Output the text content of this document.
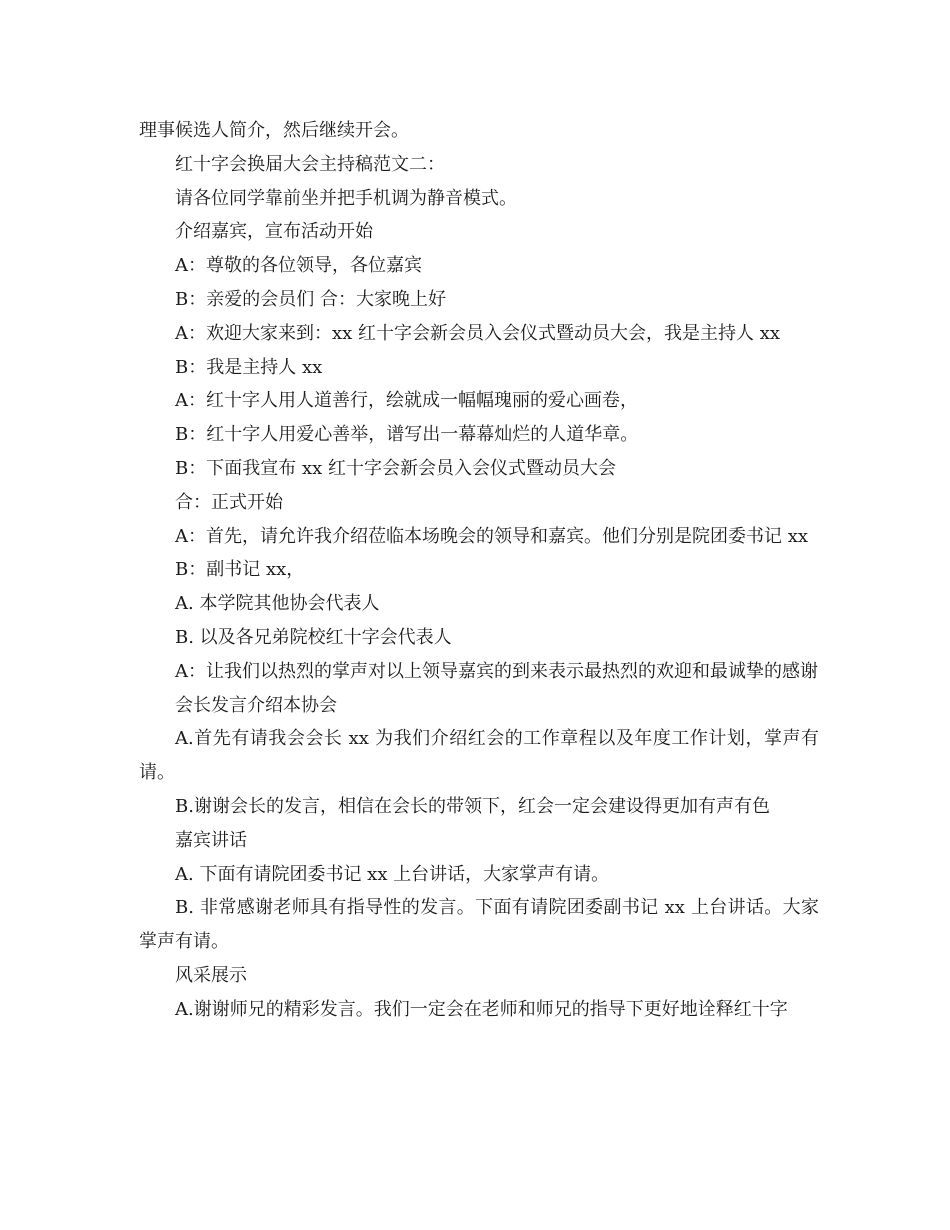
理事候选人简介，然后继续开会。

红十字会换届大会主持稿范文二：

请各位同学靠前坐并把手机调为静音模式。

介绍嘉宾，宣布活动开始

A：尊敬的各位领导，各位嘉宾

B：亲爱的会员们 合：大家晚上好

A：欢迎大家来到：xx 红十字会新会员入会仪式暨动员大会，我是主持人 xx

B：我是主持人 xx

A：红十字人用人道善行，绘就成一幅幅瑰丽的爱心画卷，

B：红十字人用爱心善举，谱写出一幕幕灿烂的人道华章。

B：下面我宣布 xx 红十字会新会员入会仪式暨动员大会

合：正式开始

A：首先，请允许我介绍莅临本场晚会的领导和嘉宾。他们分别是院团委书记 xx

B：副书记 xx，

A. 本学院其他协会代表人

B. 以及各兄弟院校红十字会代表人

A：让我们以热烈的掌声对以上领导嘉宾的到来表示最热烈的欢迎和最诚挚的感谢

会长发言介绍本协会

A.首先有请我会会长 xx 为我们介绍红会的工作章程以及年度工作计划，掌声有请。

B.谢谢会长的发言，相信在会长的带领下，红会一定会建设得更加有声有色

嘉宾讲话

A. 下面有请院团委书记 xx 上台讲话，大家掌声有请。

B. 非常感谢老师具有指导性的发言。下面有请院团委副书记 xx 上台讲话。大家掌声有请。

风采展示

A.谢谢师兄的精彩发言。我们一定会在老师和师兄的指导下更好地诠释红十字
